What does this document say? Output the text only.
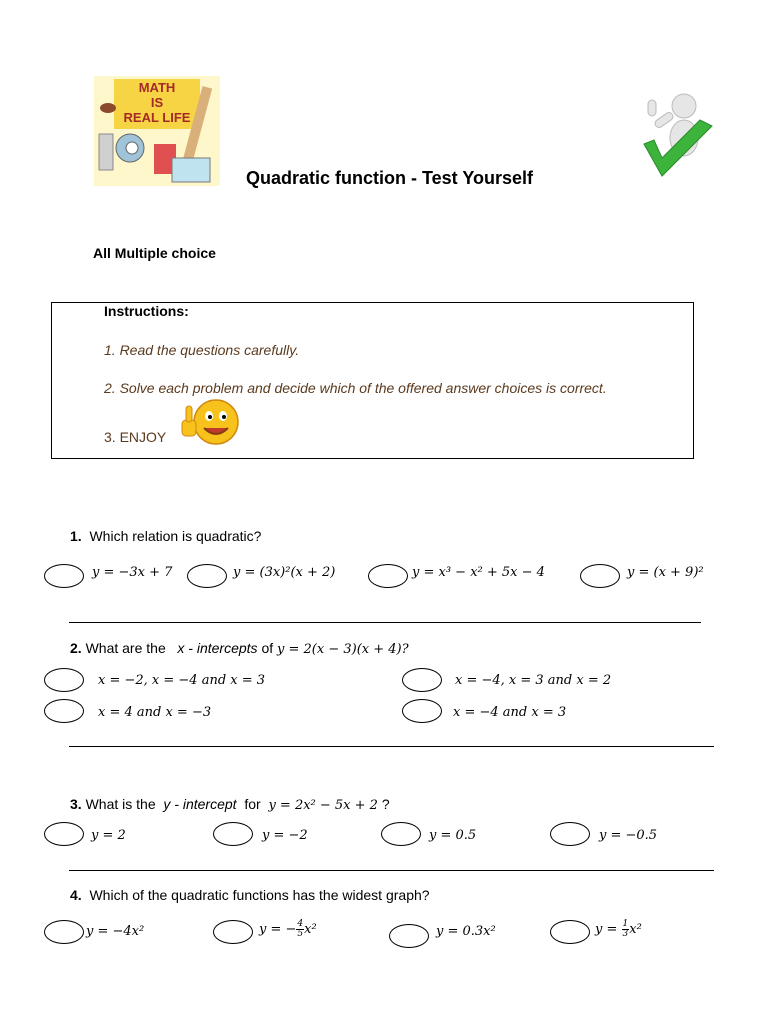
MATH
IS
REAL LIFE
Quadratic function - Test Yourself
All Multiple choice
Instructions:
1. Read the questions carefully.
2. Solve each problem and decide which of the offered answer choices is correct.
3. ENJOY
1. Which relation is quadratic?
y = −3x + 7	y = (3x)²(x + 2)	y = x³ − x² + 5x − 4	y = (x + 9)²
2. What are the x - intercepts of y = 2(x − 3)(x + 4)?
x = −2, x = −4 and x = 3	x = −4, x = 3 and x = 2
x = 4 and x = −3	x = −4 and x = 3
3. What is the y - intercept for y = 2x² − 5x + 2 ?
y = 2	y = −2	y = 0.5	y = −0.5
4. Which of the quadratic functions has the widest graph?
y = −4x²	y = − $\frac{4}{5} x^2$	y = 0.3x²	$y = \frac{1}{3} x^2$
